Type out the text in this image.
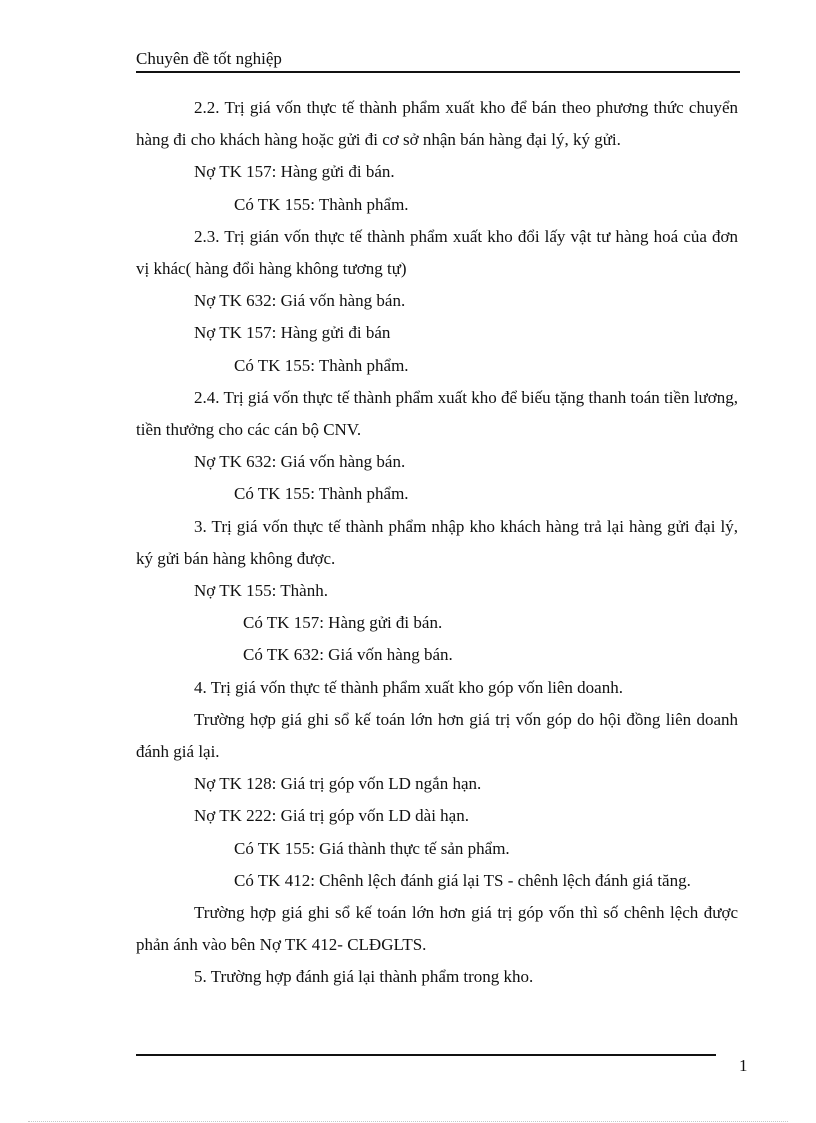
Chuyên đề tốt nghiệp

2.2. Trị giá vốn thực tế thành phẩm xuất kho để bán theo phương thức chuyển hàng đi cho khách hàng hoặc gửi đi cơ sở nhận bán hàng đại lý, ký gửi.

Nợ TK 157: Hàng gửi đi bán.

Có TK 155: Thành phẩm.

2.3. Trị gián vốn thực tế thành phẩm xuất kho đổi lấy vật tư hàng hoá của đơn vị khác( hàng đổi hàng không tương tự)

Nợ TK 632: Giá vốn hàng bán.

Nợ TK 157: Hàng gửi đi bán

Có TK 155: Thành phẩm.

2.4. Trị giá vốn thực tế thành phẩm xuất kho để biếu tặng thanh toán tiền lương, tiền thưởng cho các cán bộ CNV.

Nợ TK 632: Giá vốn hàng bán.

Có TK 155: Thành phẩm.

3. Trị giá vốn thực tế thành phẩm nhập kho khách hàng trả lại hàng gửi đại lý, ký gửi bán hàng không được.

Nợ TK 155: Thành.

Có TK 157: Hàng gửi đi bán.

Có TK 632: Giá vốn hàng bán.

4. Trị giá vốn thực tế thành phẩm xuất kho góp vốn liên doanh.

Trường hợp giá ghi sổ kế toán lớn hơn giá trị vốn góp do hội đồng liên doanh đánh giá lại.

Nợ TK 128: Giá trị góp vốn LD ngắn hạn.

Nợ TK 222: Giá trị góp vốn LD dài hạn.

Có TK 155: Giá thành thực tế sản phẩm.

Có TK 412: Chênh lệch đánh giá lại TS - chênh lệch đánh giá tăng.

Trường hợp giá ghi sổ kế toán lớn hơn giá trị góp vốn thì số chênh lệch được phản ánh vào bên Nợ TK 412- CLĐGLTS.

5. Trường hợp đánh giá lại thành phẩm trong kho.

1
